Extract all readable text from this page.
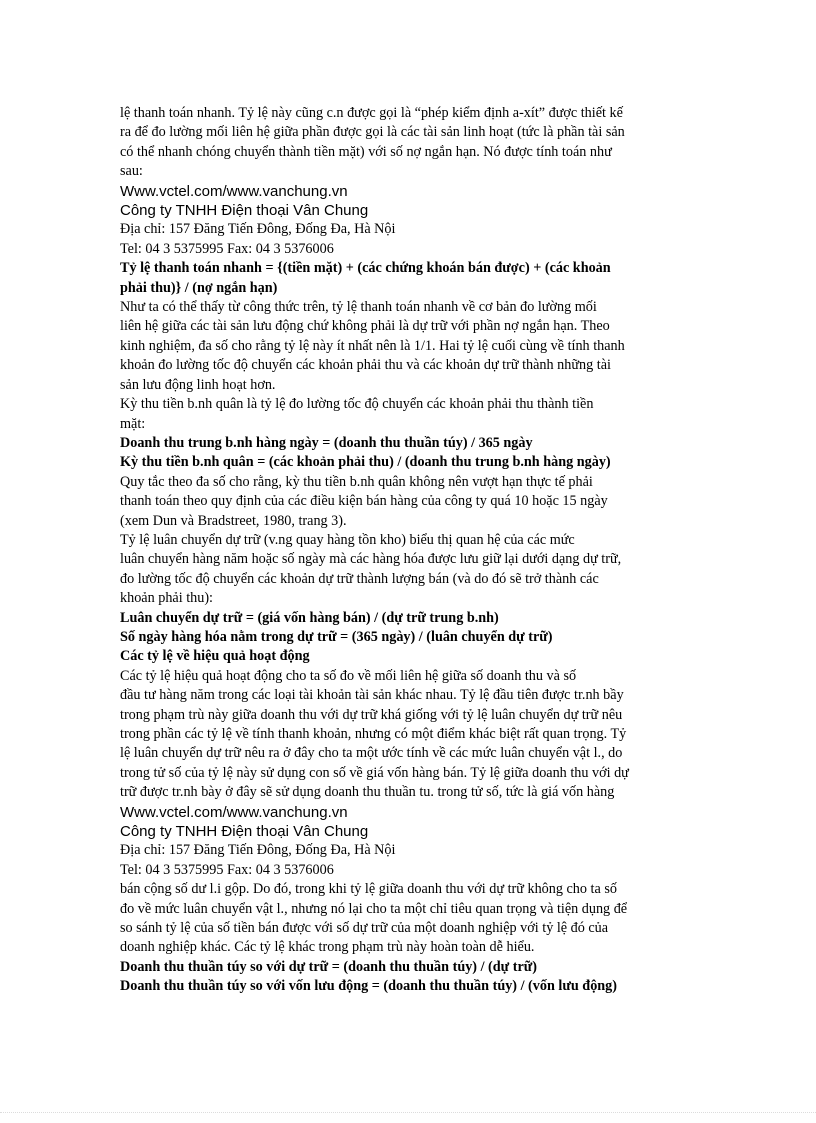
lệ thanh toán nhanh. Tỷ lệ này cũng c.n được gọi là “phép kiểm định a-xít” được thiết kế
ra để đo lường mối liên hệ giữa phần được gọi là các tài sản linh hoạt (tức là phần tài sản
có thể nhanh chóng chuyển thành tiền mặt) với số nợ ngắn hạn. Nó được tính toán như
sau:
Www.vctel.com/www.vanchung.vn
Công ty TNHH Điện thoại Vân Chung
Địa chỉ: 157 Đăng Tiến Đông, Đống Đa, Hà Nội
Tel: 04 3 5375995 Fax: 04 3 5376006
Tỷ lệ thanh toán nhanh = {(tiền mặt) + (các chứng khoán bán được) + (các khoản
phải thu)} / (nợ ngắn hạn)
Như ta có thể thấy từ công thức trên, tỷ lệ thanh toán nhanh về cơ bản đo lường mối
liên hệ giữa các tài sản lưu động chứ không phải là dự trữ với phần nợ ngắn hạn. Theo
kinh nghiệm, đa số cho rằng tỷ lệ này ít nhất nên là 1/1. Hai tỷ lệ cuối cùng về tính thanh
khoản đo lường tốc độ chuyển các khoản phải thu và các khoản dự trữ thành những tài
sản lưu động linh hoạt hơn.
Kỳ thu tiền b.nh quân là tỷ lệ đo lường tốc độ chuyển các khoản phải thu thành tiền
mặt:
Doanh thu trung b.nh hàng ngày = (doanh thu thuần túy) / 365 ngày
Kỳ thu tiền b.nh quân = (các khoản phải thu) / (doanh thu trung b.nh hàng ngày)
Quy tắc theo đa số cho rằng, kỳ thu tiền b.nh quân không nên vượt hạn thực tế phải
thanh toán theo quy định của các điều kiện bán hàng của công ty quá 10 hoặc 15 ngày
(xem Dun và Bradstreet, 1980, trang 3).
Tỷ lệ luân chuyển dự trữ (v.ng quay hàng tồn kho) biểu thị quan hệ của các mức
luân chuyển hàng năm hoặc số ngày mà các hàng hóa được lưu giữ lại dưới dạng dự trữ,
đo lường tốc độ chuyển các khoản dự trữ thành lượng bán (và do đó sẽ trở thành các
khoản phải thu):
Luân chuyển dự trữ = (giá vốn hàng bán) / (dự trữ trung b.nh)
Số ngày hàng hóa nằm trong dự trữ = (365 ngày) / (luân chuyển dự trữ)
Các tỷ lệ về hiệu quả hoạt động
Các tỷ lệ hiệu quả hoạt động cho ta số đo về mối liên hệ giữa số doanh thu và số
đầu tư hàng năm trong các loại tài khoản tài sản khác nhau. Tỷ lệ đầu tiên được tr.nh bầy
trong phạm trù này giữa doanh thu với dự trữ khá giống với tỷ lệ luân chuyển dự trữ nêu
trong phần các tỷ lệ về tính thanh khoản, nhưng có một điểm khác biệt rất quan trọng. Tỷ
lệ luân chuyển dự trữ nêu ra ở đây cho ta một ước tính về các mức luân chuyển vật l., do
trong tử số của tỷ lệ này sử dụng con số về giá vốn hàng bán. Tỷ lệ giữa doanh thu với dự
trữ được tr.nh bày ở đây sẽ sử dụng doanh thu thuần tu. trong tử số, tức là giá vốn hàng
Www.vctel.com/www.vanchung.vn
Công ty TNHH Điện thoại Vân Chung
Địa chỉ: 157 Đăng Tiến Đông, Đống Đa, Hà Nội
Tel: 04 3 5375995 Fax: 04 3 5376006
bán cộng số dư l.i gộp. Do đó, trong khi tỷ lệ giữa doanh thu với dự trữ không cho ta số
đo về mức luân chuyển vật l., nhưng nó lại cho ta một chỉ tiêu quan trọng và tiện dụng để
so sánh tỷ lệ của số tiền bán được với số dự trữ của một doanh nghiệp với tỷ lệ đó của
doanh nghiệp khác. Các tỷ lệ khác trong phạm trù này hoàn toàn dễ hiểu.
Doanh thu thuần túy so với dự trữ = (doanh thu thuần túy) / (dự trữ)
Doanh thu thuần túy so với vốn lưu động = (doanh thu thuần túy) / (vốn lưu động)
